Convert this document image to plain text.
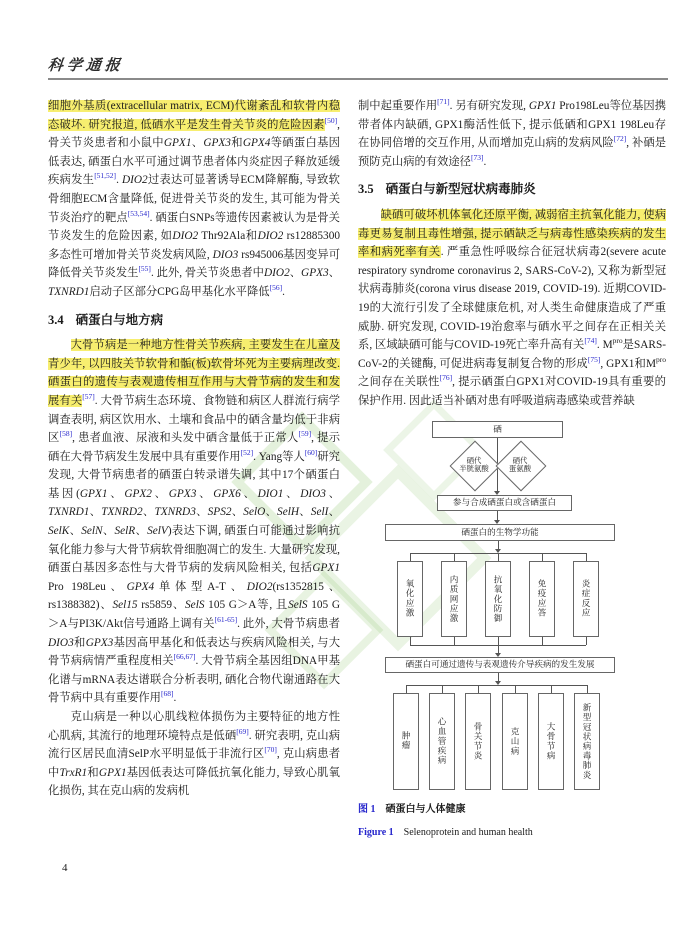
科学通报

细胞外基质(extracellular matrix, ECM)代谢紊乱和软骨内稳态破坏. 研究报道, 低硒水平是发生骨关节炎的危险因素[50], 骨关节炎患者和小鼠中GPX1、GPX3和GPX4等硒蛋白基因低表达, 硒蛋白水平可通过调节患者体内炎症因子释放延缓疾病发生[51,52]. DIO2过表达可显著诱导ECM降解酶, 导致软骨细胞ECM含量降低, 促进骨关节炎的发生, 其可能为骨关节炎治疗的靶点[53,54]. 硒蛋白SNPs等遗传因素被认为是骨关节炎发生的危险因素, 如DIO2 Thr92Ala和DIO2 rs12885300多态性可增加骨关节炎发病风险, DIO3 rs945006基因变异可降低骨关节炎发生[55]. 此外, 骨关节炎患者中DIO2、GPX3、TXNRD1启动子区部分CPG岛甲基化水平降低[56].

3.4 硒蛋白与地方病

大骨节病是一种地方性骨关节疾病, 主要发生在儿童及青少年, 以四肢关节软骨和骺(板)软骨坏死为主要病理改变. 硒蛋白的遗传与表观遗传相互作用与大骨节病的发生和发展有关[57]. 大骨节病生态环境、食物链和病区人群流行病学调查表明, 病区饮用水、土壤和食品中的硒含量均低于非病区[58], 患者血液、尿液和头发中硒含量低于正常人[59], 提示硒在大骨节病发生发展中具有重要作用[52]. Yang等人[60]研究发现, 大骨节病患者的硒蛋白转录谱失调, 其中17个硒蛋白基因(GPX1、GPX2、GPX3、GPX6、DIO1、DIO3、TXNRD1、TXNRD2、TXNRD3、SPS2、SelO、SelH、SelI、SelK、SelN、SelR、SelV)表达下调, 硒蛋白可能通过影响抗氧化能力参与大骨节病软骨细胞凋亡的发生. 大量研究发现, 硒蛋白基因多态性与大骨节病的发病风险相关, 包括GPX1 Pro 198Leu、GPX4单体型A-T、DIO2(rs1352815、rs1388382)、Sel15 rs5859、SelS 105 G＞A等, 且SelS 105 G＞A与PI3K/Akt信号通路上调有关[61-65]. 此外, 大骨节病患者DIO3和GPX3基因高甲基化和低表达与疾病风险相关, 与大骨节病病情严重程度相关[66,67]. 大骨节病全基因组DNA甲基化谱与mRNA表达谱联合分析表明, 硒化合物代谢通路在大骨节病中具有重要作用[68].

克山病是一种以心肌线粒体损伤为主要特征的地方性心肌病, 其流行的地理环境特点是低硒[69]. 研究表明, 克山病流行区居民血清SelP水平明显低于非流行区[70], 克山病患者中TrxR1和GPX1基因低表达可降低抗氧化能力, 导致心肌氧化损伤, 其在克山病的发病机

制中起重要作用[71]. 另有研究发现, GPX1 Pro198Leu等位基因携带者体内缺硒, GPX1酶活性低下, 提示低硒和GPX1 198Leu存在协同倍增的交互作用, 从而增加克山病的发病风险[72], 补硒是预防克山病的有效途径[73].

3.5 硒蛋白与新型冠状病毒肺炎

缺硒可破坏机体氧化还原平衡, 减弱宿主抗氧化能力, 使病毒更易复制且毒性增强, 提示硒缺乏与病毒性感染疾病的发生率和病死率有关. 严重急性呼吸综合征冠状病毒2(severe acute respiratory syndrome coronavirus 2, SARS-CoV-2), 又称为新型冠状病毒肺炎(corona virus disease 2019, COVID-19). 近期COVID-19的大流行引发了全球健康危机, 对人类生命健康造成了严重威胁. 研究发现, COVID-19治愈率与硒水平之间存在正相关关系, 区域缺硒可能与COVID-19死亡率升高有关[74]. $M^{pro}$是SARS-CoV-2的关键酶, 可促进病毒复制复合物的形成[75], GPX1和$M^{pro}$之间存在关联性[76], 提示硒蛋白GPX1对COVID-19具有重要的保护作用. 因此适当补硒对患有呼吸道病毒感染或营养缺

硒
硒代
半胱氨酸
硒代
蛋氨酸
参与合成硒蛋白或含硒蛋白
硒蛋白的生物学功能
氧化应激	内质网应激	抗氧化防御	免疫应答	炎症反应
硒蛋白可通过遗传与表观遗传介导疾病的发生发展
肿瘤	心血管疾病	骨关节炎	克山病	大骨节病	新型冠状病毒肺炎
图 1 硒蛋白与人体健康
Figure 1 Selenoprotein and human health
4
